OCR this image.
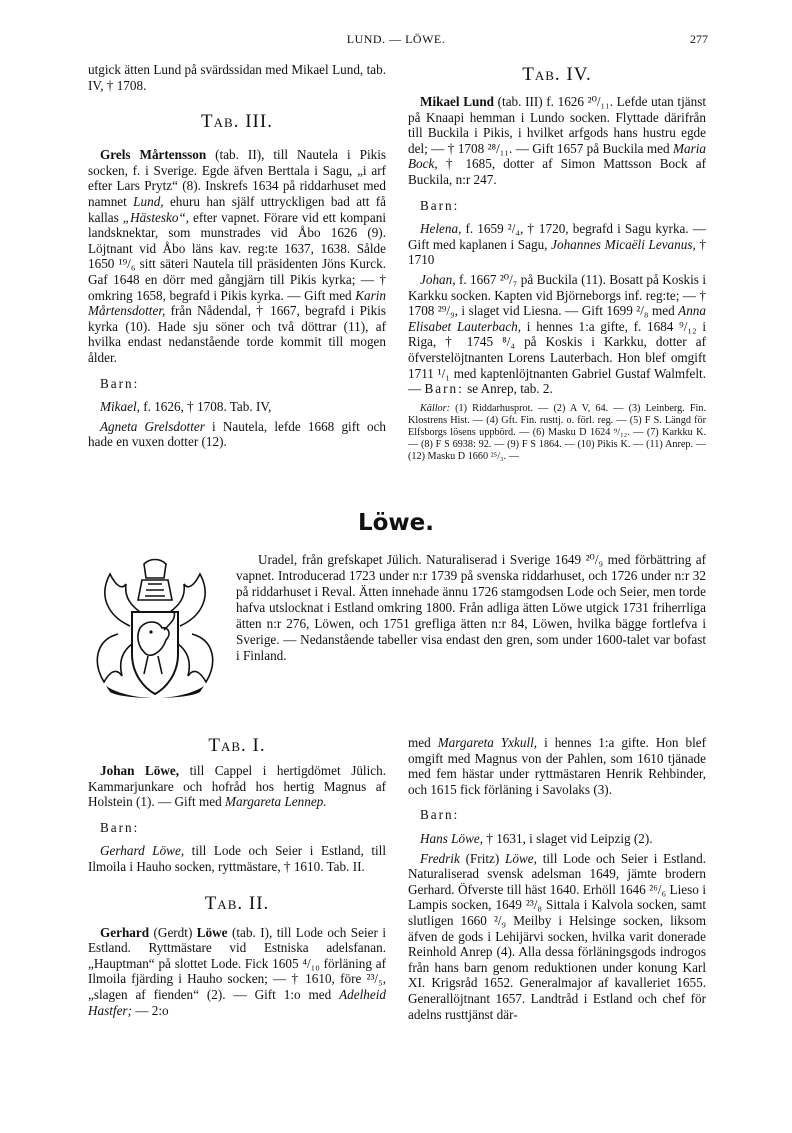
LUND. — LÖWE.	277

utgick ätten Lund på svärdssidan med Mikael Lund, tab. IV, † 1708.

Tab. III.

Grels Mårtensson (tab. II), till Nautela i Pikis socken, f. i Sverige. Egde äfven Berttala i Sagu, „i arf efter Lars Prytz“ (8). Inskrefs 1634 på riddarhuset med namnet Lund, ehuru han själf uttryckligen bad att få kallas „Hästesko“, efter vapnet. Förare vid ett kompani landsknektar, som munstrades vid Åbo 1626 (9). Löjtnant vid Åbo läns kav. reg:te 1637, 1638. Sålde 1650 ¹⁹/₆ sitt säteri Nautela till präsidenten Jöns Kurck. Gaf 1648 en dörr med gångjärn till Pikis kyrka; — † omkring 1658, begrafd i Pikis kyrka. — Gift med Karin Mårtensdotter, från Nådendal, † 1667, begrafd i Pikis kyrka (10). Hade sju söner och två döttrar (11), af hvilka endast nedanstående torde kommit till mogen ålder.

Barn:

Mikael, f. 1626, † 1708. Tab. IV,

Agneta Grelsdotter i Nautela, lefde 1668 gift och hade en vuxen dotter (12).

Tab. IV.

Mikael Lund (tab. III) f. 1626 ²⁰/₁₁. Lefde utan tjänst på Knaapi hemman i Lundo socken. Flyttade därifrån till Buckila i Pikis, i hvilket arfgods hans hustru egde del; — † 1708 ²⁸/₁₁. — Gift 1657 på Buckila med Maria Bock, † 1685, dotter af Simon Mattsson Bock af Buckila, n:r 247.

Barn:

Helena, f. 1659 ²/₄, † 1720, begrafd i Sagu kyrka. — Gift med kaplanen i Sagu, Johannes Micaëli Levanus, † 1710

Johan, f. 1667 ²⁰/₇ på Buckila (11). Bosatt på Koskis i Karkku socken. Kapten vid Björneborgs inf. reg:te; — † 1708 ²⁹/₉, i slaget vid Liesna. — Gift 1699 ²/₈ med Anna Elisabet Lauterbach, i hennes 1:a gifte, f. 1684 ⁹/₁₂ i Riga, † 1745 ⁸/₄ på Koskis i Karkku, dotter af öfverstelöjtnanten Lorens Lauterbach. Hon blef omgift 1711 ¹/₁ med kaptenlöjtnanten Gabriel Gustaf Walmfelt. — Barn: se Anrep, tab. 2.

Källor: (1) Riddarhusprot. — (2) A V, 64. — (3) Leinberg. Fin. Klostrens Hist. — (4) Gft. Fin. rusttj. o. förl. reg. — (5) F S. Längd för Elfsborgs lösens uppbörd. — (6) Masku D 1624 ⁹/₁₂. — (7) Karkku K. — (8) F S 6938: 92. — (9) F S 1864. — (10) Pikis K. — (11) Anrep. — (12) Masku D 1660 ²⁵/₃. —

Löwe.

Uradel, från grefskapet Jülich. Naturaliserad i Sverige 1649 ²⁰/₉ med förbättring af vapnet. Introducerad 1723 under n:r 1739 på svenska riddarhuset, och 1726 under n:r 32 på riddarhuset i Reval. Ätten innehade ännu 1726 stamgodsen Lode och Seier, men torde hafva utslocknat i Estland omkring 1800. Från adliga ätten Löwe utgick 1731 friherrliga ätten n:r 276, Löwen, och 1751 grefliga ätten n:r 84, Löwen, hvilka bägge fortlefva i Sverige. — Nedanstående tabeller visa endast den gren, som under 1600-talet var bofast i Finland.

Tab. I.

Johan Löwe, till Cappel i hertigdömet Jülich. Kammarjunkare och hofråd hos hertig Magnus af Holstein (1). — Gift med Margareta Lennep.

Barn:

Gerhard Löwe, till Lode och Seier i Estland, till Ilmoila i Hauho socken, ryttmästare, † 1610. Tab. II.

Tab. II.

Gerhard (Gerdt) Löwe (tab. I), till Lode och Seier i Estland. Ryttmästare vid Estniska adelsfanan. „Hauptman“ på slottet Lode. Fick 1605 ⁴/₁₀ förläning af Ilmoila fjärding i Hauho socken; — † 1610, före ²³/₅, „slagen af fienden“ (2). — Gift 1:o med Adelheid Hastfer; — 2:o

med Margareta Yxkull, i hennes 1:a gifte. Hon blef omgift med Magnus von der Pahlen, som 1610 tjänade med fem hästar under ryttmästaren Henrik Rehbinder, och 1615 fick förläning i Savolaks (3).

Barn:

Hans Löwe, † 1631, i slaget vid Leipzig (2).

Fredrik (Fritz) Löwe, till Lode och Seier i Estland. Naturaliserad svensk adelsman 1649, jämte brodern Gerhard. Öfverste till häst 1640. Erhöll 1646 ²⁶/₆ Lieso i Lampis socken, 1649 ²³/₈ Sittala i Kalvola socken, samt slutligen 1660 ²/₉ Meilby i Helsinge socken, liksom äfven de gods i Lehijärvi socken, hvilka varit donerade Reinhold Anrep (4). Alla dessa förläningsgods indrogos från hans barn genom reduktionen under konung Karl XI. Krigsråd 1652. Generalmajor af kavalleriet 1655. Generallöjtnant 1657. Landtråd i Estland och chef för adelns rusttjänst där-
